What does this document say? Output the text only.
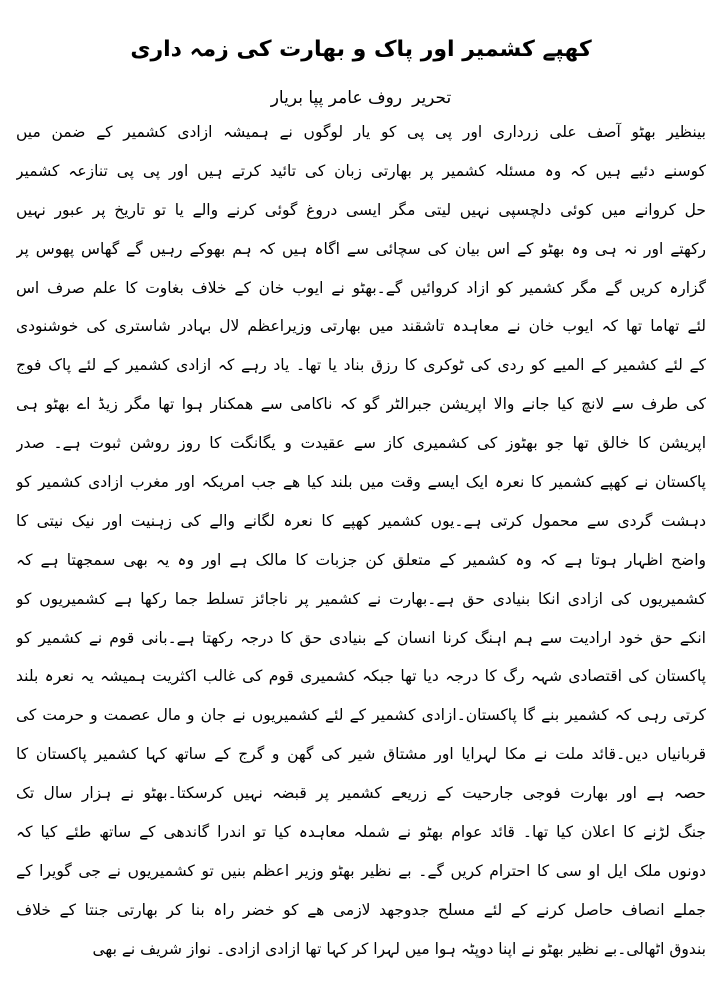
کھپے کشمیر اور پاک و بھارت کی زمہ داری
تحریرروف عامر پپا بریار
بینظیر بھٹو آصف علی زرداری اور پی پی کو یار لوگوں نے ہمیشہ ازادی کشمیر کے ضمن میں
کوسنے دئیے ہیں کہ وہ مسئلہ کشمیر پر بھارتی زبان کی تائید کرتے ہیں اور پی پی تنازعہ کشمیر
حل کروانے میں کوئی دلچسپی نہیں لیتی مگر ایسی دروغ گوئی کرنے والے یا تو تاریخ پر عبور نہیں
رکھتے اور نہ ہی وہ بھٹو کے اس بیان کی سچائی سے اگاہ ہیں کہ ہم بھوکے رہیں گے گھاس پھوس پر
گزارہ کریں گے مگر کشمیر کو ازاد کروائیں گے۔بھٹو نے ایوب خان کے خلاف بغاوت کا علم صرف اس
لئے تھاما تھا کہ ایوب خان نے معاہدہ تاشقند میں بھارتی وزیراعظم لال بہادر شاستری کی خوشنودی
کے لئے کشمیر کے المیے کو ردی کی ٹوکری کا رزق بناد یا تھا۔ یاد رہے کہ ازادی کشمیر کے لئے پاک فوج
کی طرف سے لانچ کیا جانے والا اپریشن جبرالٹر گو کہ ناکامی سے ھمکنار ہوا تھا مگر زیڈ اے بھٹو ہی
اپریشن کا خالق تھا جو بھٹوز کی کشمیری کاز سے عقیدت و یگانگت کا روز روشن ثبوت ہے۔ صدر
پاکستان نے کھپے کشمیر کا نعرہ ایک ایسے وقت میں بلند کیا ھے جب امریکہ اور مغرب ازادی کشمیر کو
دہشت گردی سے محمول کرتی ہے۔یوں کشمیر کھپے کا نعرہ لگانے والے کی زہنیت اور نیک نیتی کا
واضح اظہار ہوتا ہے کہ وہ کشمیر کے متعلق کن جزبات کا مالک ہے اور وہ یہ بھی سمجھتا ہے کہ
کشمیریوں کی ازادی انکا بنیادی حق ہے۔بھارت نے کشمیر پر ناجائز تسلط جما رکھا ہے کشمیریوں کو
انکے حق خود ارادیت سے ہم اہنگ کرنا انسان کے بنیادی حق کا درجہ رکھتا ہے۔بانی قوم نے کشمیر کو
پاکستان کی اقتصادی شہہ رگ کا درجہ دیا تھا جبکہ کشمیری قوم کی غالب اکثریت ہمیشہ یہ نعرہ بلند
کرتی رہی کہ کشمیر بنے گا پاکستان۔ازادی کشمیر کے لئے کشمیریوں نے جان و مال عصمت و حرمت کی
قربانیاں دیں۔قائد ملت نے مکا لہرایا اور مشتاق شیر کی گھن و گرج کے ساتھ کہا کشمیر پاکستان کا
حصہ ہے اور بھارت فوجی جارحیت کے زریعے کشمیر پر قبضہ نہیں کرسکتا۔بھٹو نے ہزار سال تک
جنگ لڑنے کا اعلان کیا تھا۔ قائد عوام بھٹو نے شملہ معاہدہ کیا تو اندرا گاندھی کے ساتھ طئے کیا کہ
دونوں ملک ایل او سی کا احترام کریں گے۔ بے نظیر بھٹو وزیر اعظم بنیں تو کشمیریوں نے جی گویرا کے
جملے انصاف حاصل کرنے کے لئے مسلح جدوجھد لازمی ھے کو خضر راہ بنا کر بھارتی جنتا کے خلاف
بندوق اٹھالی۔بے نظیر بھٹو نے اپنا دوپٹہ ہوا میں لہرا کر کہا تھا ازادی ازادی۔ نواز شریف نے بھی
